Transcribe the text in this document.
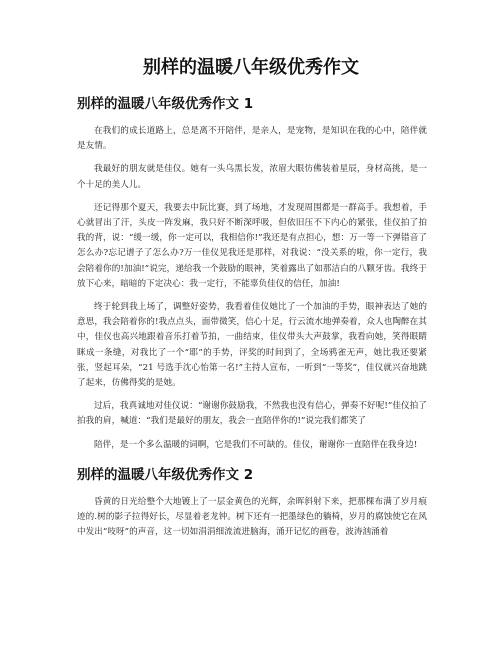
别样的温暖八年级优秀作文
别样的温暖八年级优秀作文 1

在我们的成长道路上，总是离不开陪伴，是亲人，是宠物，是知识在我的心中，陪伴就是友情。

我最好的朋友就是佳仪。她有一头乌黑长发，浓眉大眼仿佛装着星辰，身材高挑，是一个十足的美人儿。

还记得那个夏天，我要去中阮比赛，到了场地，才发现周围都是一群高手。我想着，手心就冒出了汗，头皮一阵发麻，我只好不断深呼吸，但依旧压不下内心的紧张，佳仪拍了拍我的背，说：“缓一缓，你一定可以，我相信你!”我还是有点担心，想：万一等一下弹错音了怎么办?忘记谱子了怎么办?万一佳仪见我还是那样，对我说：“没关系的啦，你一定行，我会陪着你的!加油!”说完，递给我一个鼓励的眼神，笑着露出了如那洁白的八颗牙齿。我终于放下心来，暗暗的下定决心：我一定行，不能辜负佳仪的信任，加油!

终于轮到我上场了，调整好姿势，我看着佳仪她比了一个加油的手势，眼神表达了她的意思，我会陪着你的!我点点头，面带微笑，信心十足，行云流水地弹奏着，众人也陶醉在其中，佳仪也高兴地跟着音乐打着节拍，一曲结束，佳仪带头大声鼓掌，我看向她，笑得眼睛眯成一条缝，对我比了一个“耶”的手势，评奖的时间到了，全场鸦雀无声，她比我还要紧张，竖起耳朵，“21 号选手沈心怡第一名!”主持人宣布，一听到“一等奖”，佳仪就兴奋地跳了起来，仿佛得奖的是她。

过后，我真诚地对佳仪说：“谢谢你鼓励我，不然我也没有信心，弹奏不好呢!”佳仪拍了拍我的肩，喊道：“我们是最好的朋友，我会一直陪伴你的!”说完我们都笑了

陪伴，是一个多么温暖的词啊，它是我们不可缺的。佳仪，谢谢你一直陪伴在我身边!

别样的温暖八年级优秀作文 2

昏黄的日光给整个大地镀上了一层金黄色的光辉，余晖斜射下来，把那棵布满了岁月痕迹的.树的影子拉得好长，尽显着老龙钟。树下还有一把墨绿色的躺椅，岁月的腐蚀使它在风中发出“吱呀”的声音，这一切如涓涓细流流进脑海，涌开记忆的画卷，波涛汹涌着
